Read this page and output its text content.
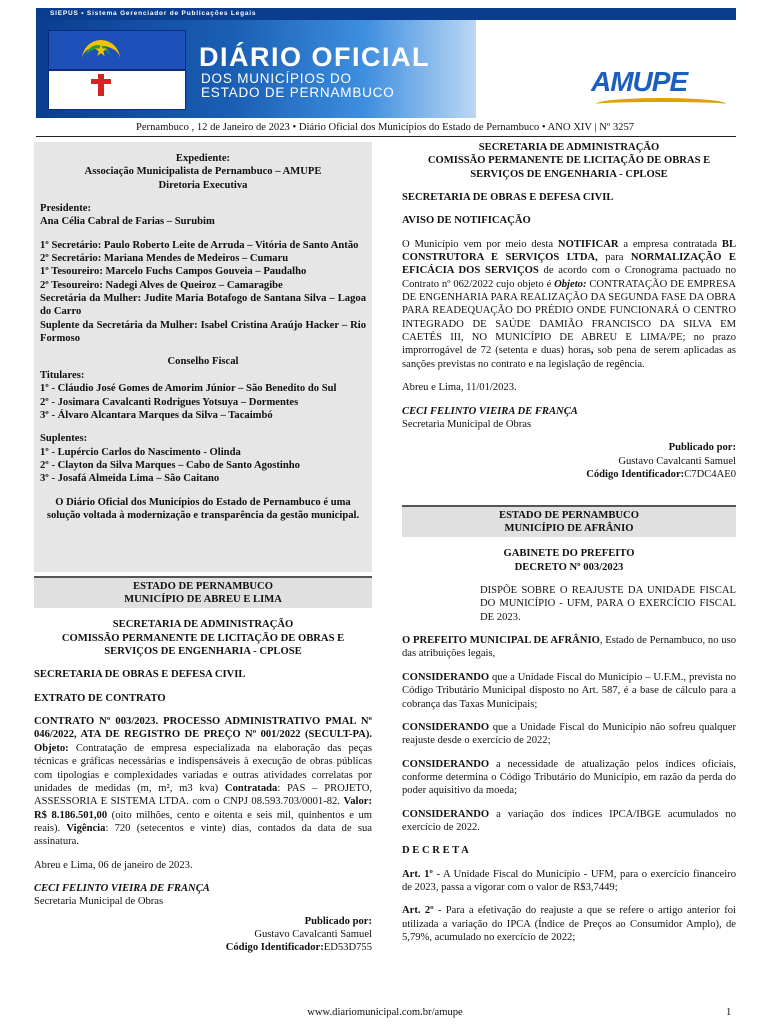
SIEPUS • Sistema Gerenciador de Publicações Legais
DIÁRIO OFICIAL
DOS MUNICÍPIOS DO
ESTADO DE PERNAMBUCO	AMUPE
Pernambuco , 12 de Janeiro de 2023 • Diário Oficial dos Municípios do Estado de Pernambuco • ANO XIV | Nº 3257

Expediente:

Associação Municipalista de Pernambuco – AMUPE

Diretoria Executiva

Presidente:

Ana Célia Cabral de Farias – Surubim

1º Secretário: Paulo Roberto Leite de Arruda – Vitória de Santo Antão

2º Secretário: Mariana Mendes de Medeiros – Cumaru

1º Tesoureiro: Marcelo Fuchs Campos Gouveia – Paudalho

2º Tesoureiro: Nadegi Alves de Queiroz – Camaragibe

Secretária da Mulher: Judite Maria Botafogo de Santana Silva – Lagoa do Carro

Suplente da Secretária da Mulher: Isabel Cristina Araújo Hacker – Rio Formoso

Conselho Fiscal

Titulares:

1º - Cláudio José Gomes de Amorim Júnior – São Benedito do Sul

2º - Josimara Cavalcanti Rodrigues Yotsuya – Dormentes

3º - Álvaro Alcantara Marques da Silva – Tacaimbó

Suplentes:

1º - Lupércio Carlos do Nascimento - Olinda

2º - Clayton da Silva Marques – Cabo de Santo Agostinho

3º - Josafá Almeida Lima – São Caitano

O Diário Oficial dos Municípios do Estado de Pernambuco é uma solução voltada à modernização e transparência da gestão municipal.

ESTADO DE PERNAMBUCO
MUNICÍPIO DE ABREU E LIMA

SECRETARIA DE ADMINISTRAÇÃO

COMISSÃO PERMANENTE DE LICITAÇÃO DE OBRAS E SERVIÇOS DE ENGENHARIA - CPLOSE

SECRETARIA DE OBRAS E DEFESA CIVIL

EXTRATO DE CONTRATO

CONTRATO Nº 003/2023. PROCESSO ADMINISTRATIVO PMAL Nº 046/2022, ATA DE REGISTRO DE PREÇO Nº 001/2022 (SECULT-PA). Objeto: Contratação de empresa especializada na elaboração das peças técnicas e gráficas necessárias e indispensáveis à execução de obras públicas com tipologias e complexidades variadas e outras atividades correlatas por unidades de medidas (m, m², m3 kva) Contratada: PAS – PROJETO, ASSESSORIA E SISTEMA LTDA. com o CNPJ 08.593.703/0001-82. Valor: R$ 8.186.501,00 (oito milhões, cento e oitenta e seis mil, quinhentos e um reais). Vigência: 720 (setecentos e vinte) dias, contados da data de sua assinatura.

Abreu e Lima, 06 de janeiro de 2023.

CECI FELINTO VIEIRA DE FRANÇA

Secretaria Municipal de Obras

Publicado por:

Gustavo Cavalcanti Samuel

Código Identificador:ED53D755

SECRETARIA DE ADMINISTRAÇÃO

COMISSÃO PERMANENTE DE LICITAÇÃO DE OBRAS E SERVIÇOS DE ENGENHARIA - CPLOSE

SECRETARIA DE OBRAS E DEFESA CIVIL

AVISO DE NOTIFICAÇÃO

O Município vem por meio desta NOTIFICAR a empresa contratada BL CONSTRUTORA E SERVIÇOS LTDA, para NORMALIZAÇÃO E EFICÁCIA DOS SERVIÇOS de acordo com o Cronograma pactuado no Contrato nº 062/2022 cujo objeto é Objeto: CONTRATAÇÃO DE EMPRESA DE ENGENHARIA PARA REALIZAÇÃO DA SEGUNDA FASE DA OBRA PARA READEQUAÇÃO DO PRÉDIO ONDE FUNCIONARÁ O CENTRO INTEGRADO DE SAÚDE DAMIÃO FRANCISCO DA SILVA EM CAETÉS III, NO MUNICÍPIO DE ABREU E LIMA/PE; no prazo improrrogável de 72 (setenta e duas) horas, sob pena de serem aplicadas as sanções previstas no contrato e na legislação de regência.

Abreu e Lima, 11/01/2023.

CECI FELINTO VIEIRA DE FRANÇA

Secretaria Municipal de Obras

Publicado por:

Gustavo Cavalcanti Samuel

Código Identificador:C7DC4AE0

ESTADO DE PERNAMBUCO
MUNICÍPIO DE AFRÂNIO

GABINETE DO PREFEITO

DECRETO Nº 003/2023

DISPÕE SOBRE O REAJUSTE DA UNIDADE FISCAL DO MUNICÍPIO - UFM, PARA O EXERCÍCIO FISCAL DE 2023.

O PREFEITO MUNICIPAL DE AFRÂNIO, Estado de Pernambuco, no uso das atribuições legais,

CONSIDERANDO que a Unidade Fiscal do Município – U.F.M., prevista no Código Tributário Municipal disposto no Art. 587, é a base de cálculo para a cobrança das Taxas Municipais;

CONSIDERANDO que a Unidade Fiscal do Município não sofreu qualquer reajuste desde o exercício de 2022;

CONSIDERANDO a necessidade de atualização pelos índices oficiais, conforme determina o Código Tributário do Município, em razão da perda do poder aquisitivo da moeda;

CONSIDERANDO a variação dos índices IPCA/IBGE acumulados no exercício de 2022.

D E C R E T A

Art. 1º - A Unidade Fiscal do Município - UFM, para o exercício financeiro de 2023, passa a vigorar com o valor de R$3,7449;

Art. 2º - Para a efetivação do reajuste a que se refere o artigo anterior foi utilizada a variação do IPCA (Índice de Preços ao Consumidor Amplo), de 5,79%, acumulado no exercício de 2022;

www.diariomunicipal.com.br/amupe	1
